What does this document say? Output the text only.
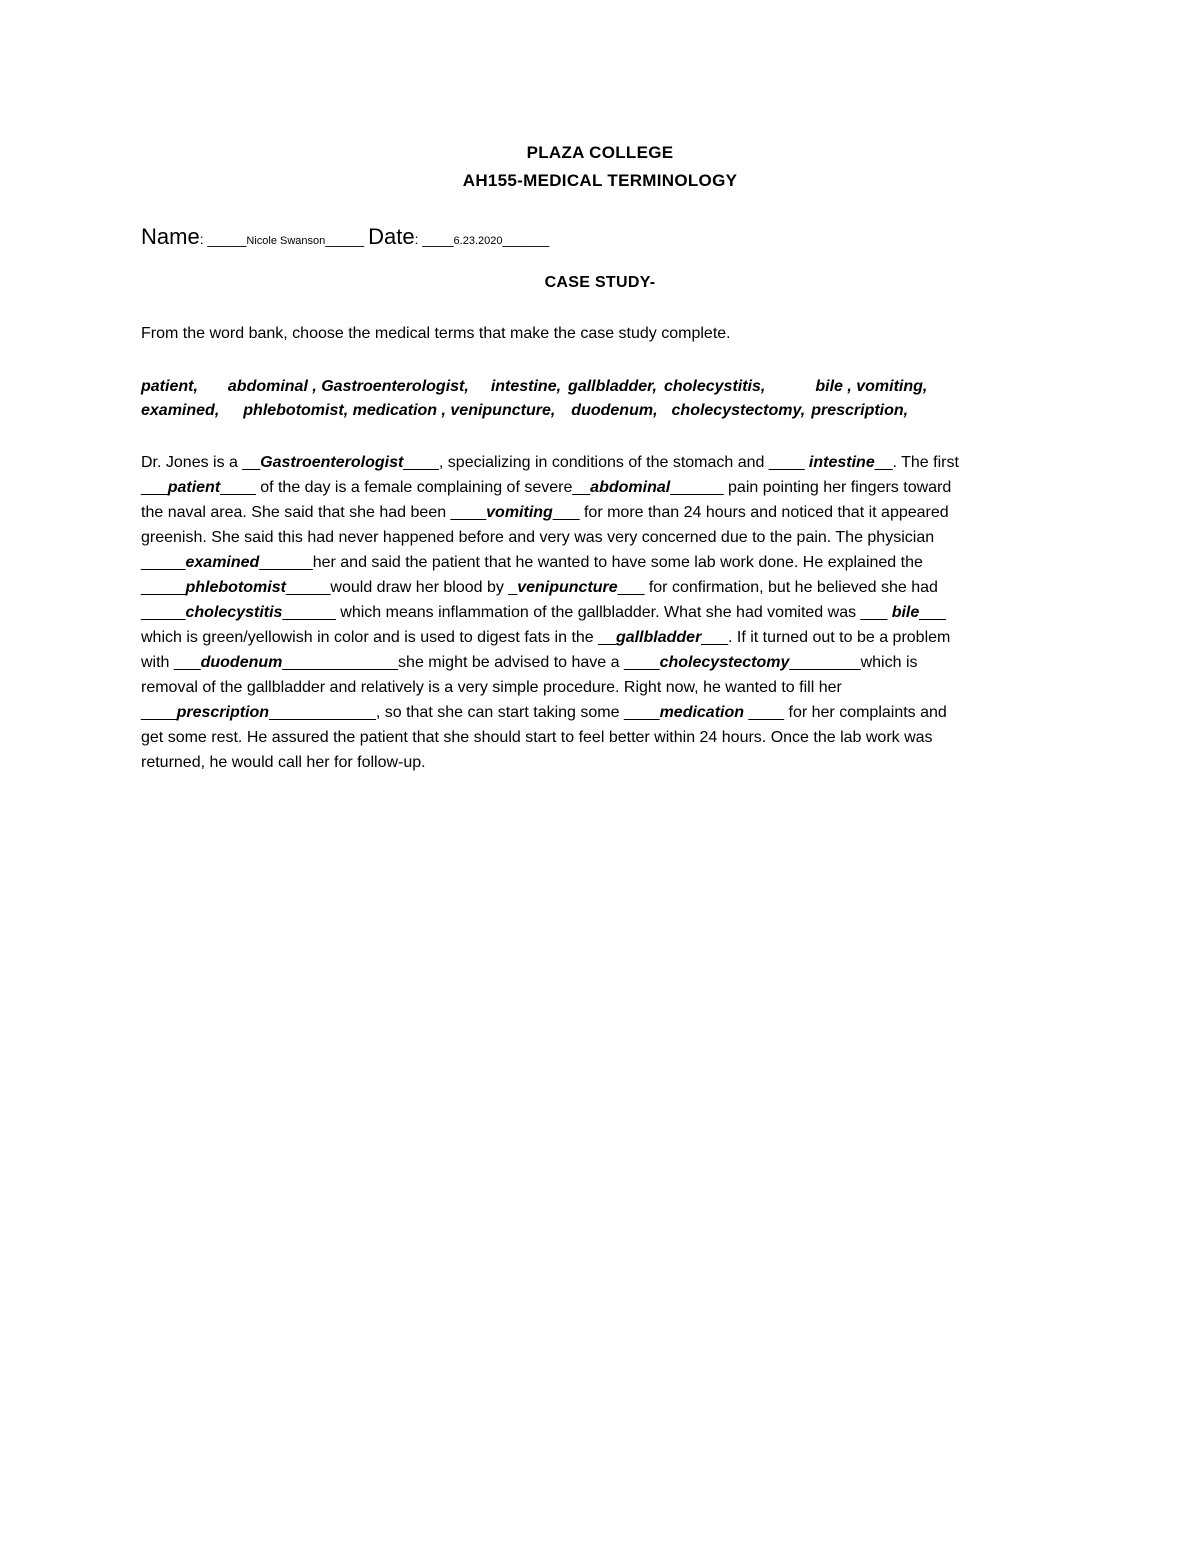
PLAZA COLLEGE
AH155-MEDICAL TERMINOLOGY
Name: _____Nicole Swanson_____ Date: ____6.23.2020______
CASE STUDY-
From the word bank, choose the medical terms that make the case study complete.
patient, abdominal , Gastroenterologist, intestine, gallbladder, cholecystitis,	bile , vomiting,
examined, phlebotomist, medication , venipuncture, duodenum, cholecystectomy, prescription,
Dr. Jones is a __Gastroenterologist____, specializing in conditions of the stomach and ____ intestine__. The first
___patient____ of the day is a female complaining of severe__abdominal______ pain pointing her fingers toward
the naval area. She said that she had been ____vomiting___ for more than 24 hours and noticed that it appeared
greenish. She said this had never happened before and very was very concerned due to the pain. The physician
_____examined______her and said the patient that he wanted to have some lab work done. He explained the
_____phlebotomist_____would draw her blood by _venipuncture___ for confirmation, but he believed she had
_____cholecystitis______ which means inflammation of the gallbladder. What she had vomited was ___ bile___
which is green/yellowish in color and is used to digest fats in the __gallbladder___. If it turned out to be a problem
with ___duodenum_____________she might be advised to have a ____cholecystectomy________which is
removal of the gallbladder and relatively is a very simple procedure. Right now, he wanted to fill her
____prescription____________, so that she can start taking some ____medication ____ for her complaints and
get some rest. He assured the patient that she should start to feel better within 24 hours. Once the lab work was
returned, he would call her for follow-up.
